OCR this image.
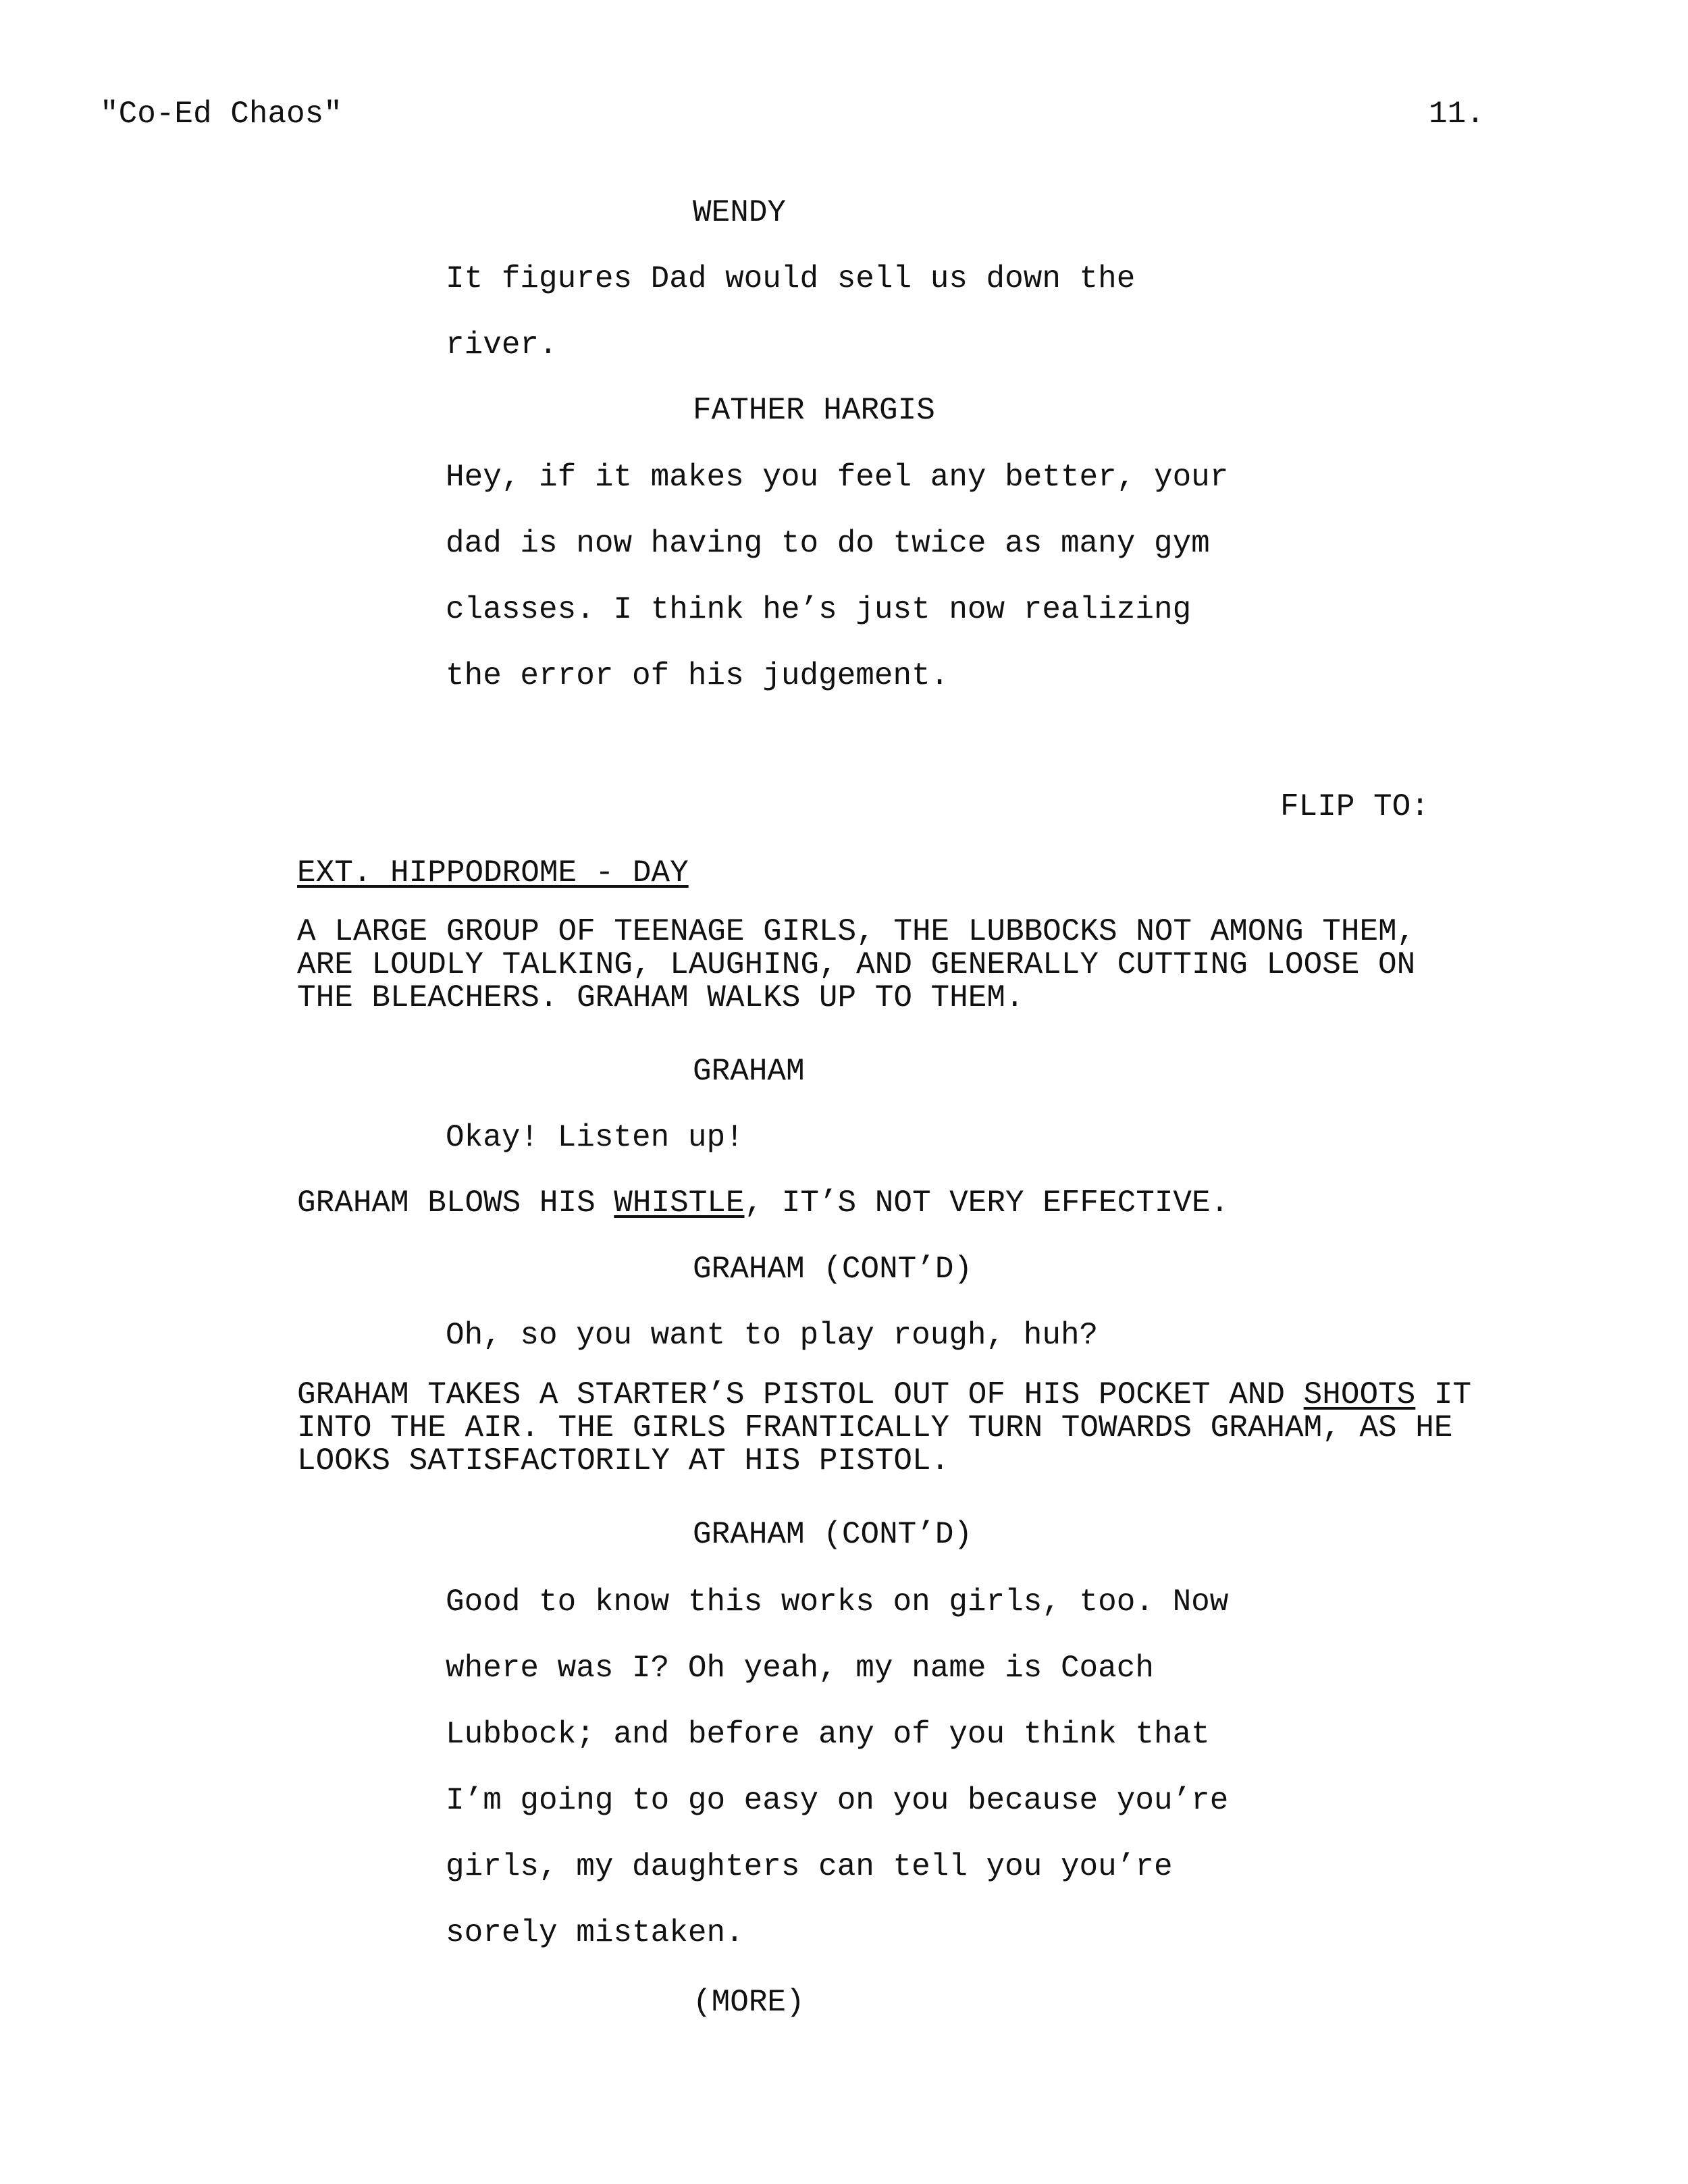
"Co-Ed Chaos"	11.
WENDY

It figures Dad would sell us down the river.

FATHER HARGIS

Hey, if it makes you feel any better, your dad is now having to do twice as many gym classes. I think he’s just now realizing the error of his judgement.

FLIP TO:
EXT. HIPPODROME - DAY

A LARGE GROUP OF TEENAGE GIRLS, THE LUBBOCKS NOT AMONG THEM, ARE LOUDLY TALKING, LAUGHING, AND GENERALLY CUTTING LOOSE ON THE BLEACHERS. GRAHAM WALKS UP TO THEM.

GRAHAM
Okay! Listen up!
GRAHAM BLOWS HIS WHISTLE, IT’S NOT VERY EFFECTIVE.
GRAHAM (CONT’D)
Oh, so you want to play rough, huh?

GRAHAM TAKES A STARTER’S PISTOL OUT OF HIS POCKET AND SHOOTS IT INTO THE AIR. THE GIRLS FRANTICALLY TURN TOWARDS GRAHAM, AS HE LOOKS SATISFACTORILY AT HIS PISTOL.

GRAHAM (CONT’D)

Good to know this works on girls, too. Now where was I? Oh yeah, my name is Coach Lubbock; and before any of you think that I’m going to go easy on you because you’re girls, my daughters can tell you you’re sorely mistaken.

(MORE)
